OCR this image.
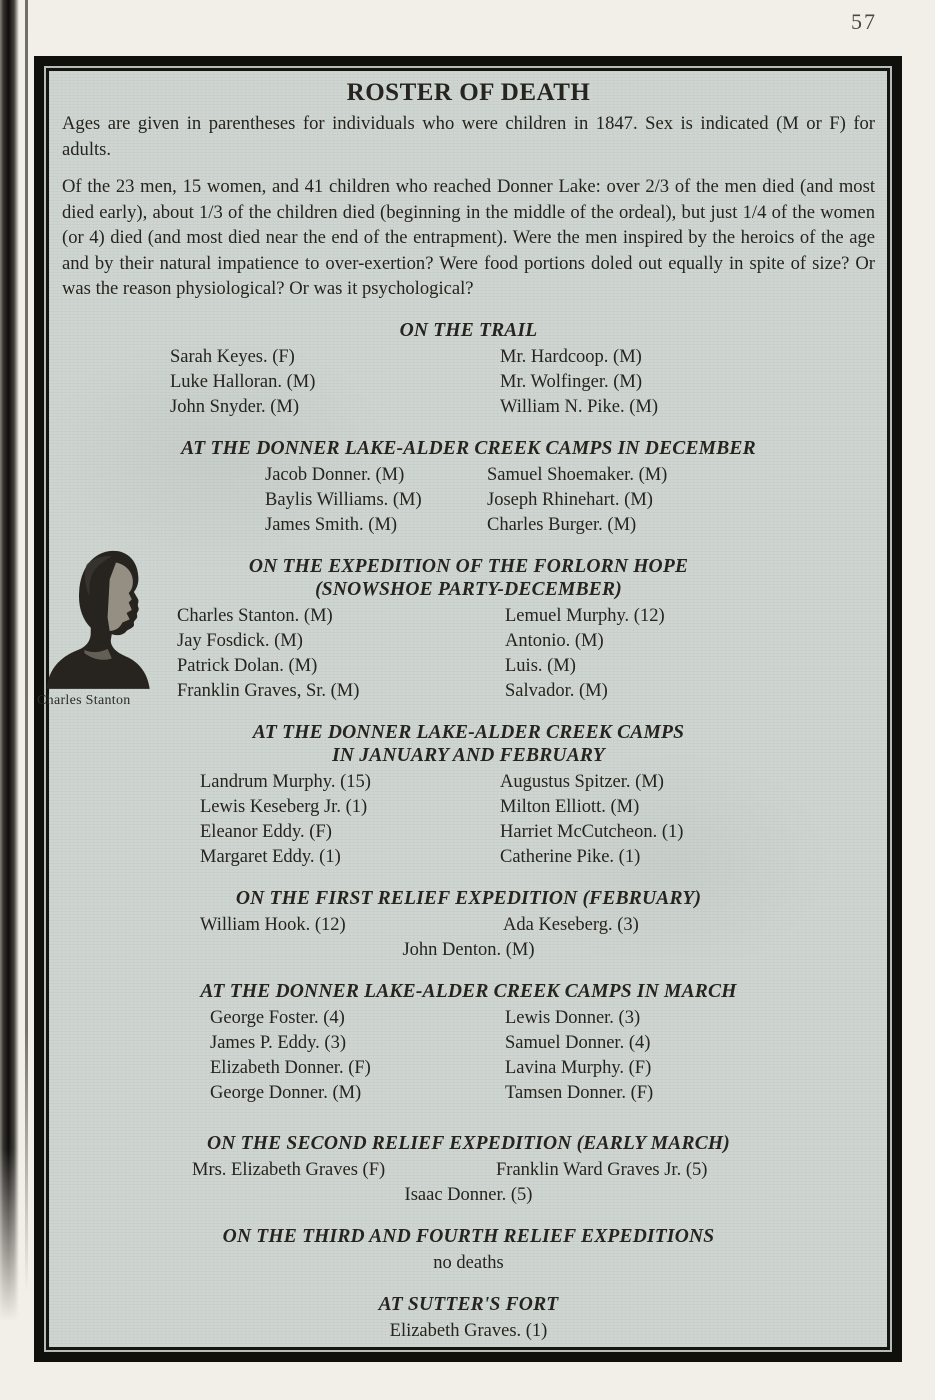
57
ROSTER OF DEATH

Ages are given in parentheses for individuals who were children in 1847. Sex is indicated (M or F) for adults.

Of the 23 men, 15 women, and 41 children who reached Donner Lake: over 2/3 of the men died (and most died early), about 1/3 of the children died (beginning in the middle of the ordeal), but just 1/4 of the women (or 4) died (and most died near the end of the entrapment). Were the men inspired by the heroics of the age and by their natural impatience to over-exertion? Were food portions doled out equally in spite of size? Or was the reason physiological? Or was it psychological?

ON THE TRAIL
Sarah Keyes. (F)
Luke Halloran. (M)
John Snyder. (M)
Mr. Hardcoop. (M)
Mr. Wolfinger. (M)
William N. Pike. (M)
AT THE DONNER LAKE-ALDER CREEK CAMPS IN DECEMBER
Jacob Donner. (M)
Baylis Williams. (M)
James Smith. (M)
Samuel Shoemaker. (M)
Joseph Rhinehart. (M)
Charles Burger. (M)
ON THE EXPEDITION OF THE FORLORN HOPE
(SNOWSHOE PARTY-DECEMBER)
Charles Stanton. (M)
Jay Fosdick. (M)
Patrick Dolan. (M)
Franklin Graves, Sr. (M)
Lemuel Murphy. (12)
Antonio. (M)
Luis. (M)
Salvador. (M)
AT THE DONNER LAKE-ALDER CREEK CAMPS
IN JANUARY AND FEBRUARY
Landrum Murphy. (15)
Lewis Keseberg Jr. (1)
Eleanor Eddy. (F)
Margaret Eddy. (1)
Augustus Spitzer. (M)
Milton Elliott. (M)
Harriet McCutcheon. (1)
Catherine Pike. (1)
ON THE FIRST RELIEF EXPEDITION (FEBRUARY)
William Hook. (12)	Ada Keseberg. (3)
John Denton. (M)
AT THE DONNER LAKE-ALDER CREEK CAMPS IN MARCH
George Foster. (4)
James P. Eddy. (3)
Elizabeth Donner. (F)
George Donner. (M)
Lewis Donner. (3)
Samuel Donner. (4)
Lavina Murphy. (F)
Tamsen Donner. (F)
ON THE SECOND RELIEF EXPEDITION (EARLY MARCH)
Mrs. Elizabeth Graves (F)	Franklin Ward Graves Jr. (5)
Isaac Donner. (5)
ON THE THIRD AND FOURTH RELIEF EXPEDITIONS
no deaths
AT SUTTER'S FORT
Elizabeth Graves. (1)
Charles Stanton
